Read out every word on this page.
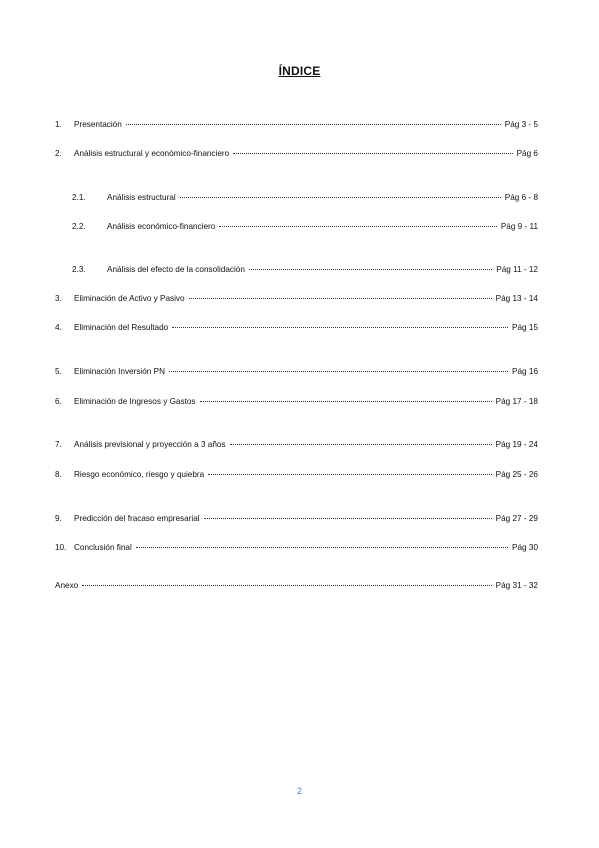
ÍNDICE
1.	Presentación	Pág 3 - 5
2.	Análisis estructural y económico-financiero	Pág 6
2.1.	Análisis estructural	Pág 6 - 8
2.2.	Análisis económico-financiero	Pág 9 - 11
2.3.	Análisis del efecto de la consolidación	Pág 11 - 12
3.	Eliminación de Activo y Pasivo	Pág 13 - 14
4.	Eliminación del Resultado	Pág 15
5.	Eliminación Inversión PN	Pág 16
6.	Eliminación de Ingresos y Gastos	Pág 17 - 18
7.	Análisis previsional y proyección a 3 años	Pág 19 - 24
8.	Riesgo económico, riesgo y quiebra	Pág 25 - 26
9.	Predicción del fracaso empresarial	Pág 27 - 29
10. Conclusión final	Pág 30
Anexo	Pág 31 - 32
2
